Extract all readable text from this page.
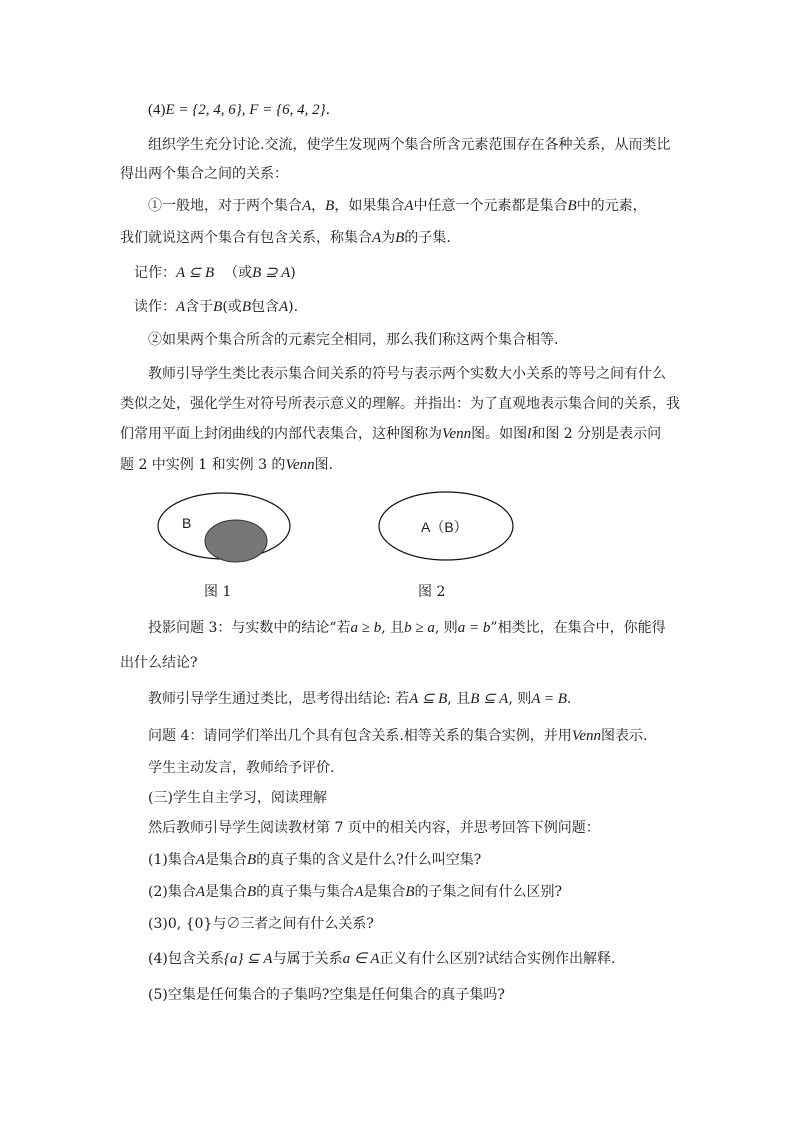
(4)E = {2, 4, 6}, F = {6, 4, 2}.
组织学生充分讨论.交流，使学生发现两个集合所含元素范围存在各种关系，从而类比
得出两个集合之间的关系：
①一般地，对于两个集合A，B，如果集合A中任意一个元素都是集合B中的元素，
我们就说这两个集合有包含关系，称集合A为B的子集.
记作：A ⊆ B （或B ⊇ A)
读作：A含于B(或B包含A).
②如果两个集合所含的元素完全相同，那么我们称这两个集合相等.
教师引导学生类比表示集合间关系的符号与表示两个实数大小关系的等号之间有什么
类似之处，强化学生对符号所表示意义的理解。并指出：为了直观地表示集合间的关系，我
们常用平面上封闭曲线的内部代表集合，这种图称为Venn图。如图l和图 2 分别是表示问
题 2 中实例 1 和实例 3 的Venn图.
B
图 1
A（B）
图 2
投影问题 3：与实数中的结论“若a ≥ b, 且b ≥ a, 则a = b”相类比，在集合中，你能得
出什么结论?
教师引导学生通过类比，思考得出结论: 若A ⊆ B, 且B ⊆ A, 则A = B.
问题 4：请同学们举出几个具有包含关系.相等关系的集合实例，并用Venn图表示.
学生主动发言，教师给予评价.
(三)学生自主学习，阅读理解
然后教师引导学生阅读教材第 7 页中的相关内容，并思考回答下例问题：
(1)集合A是集合B的真子集的含义是什么?什么叫空集?
(2)集合A是集合B的真子集与集合A是集合B的子集之间有什么区别?
(3)0, {0}与∅三者之间有什么关系?
(4)包含关系{a} ⊆ A与属于关系a ∈ A正义有什么区别?试结合实例作出解释.
(5)空集是任何集合的子集吗?空集是任何集合的真子集吗?
